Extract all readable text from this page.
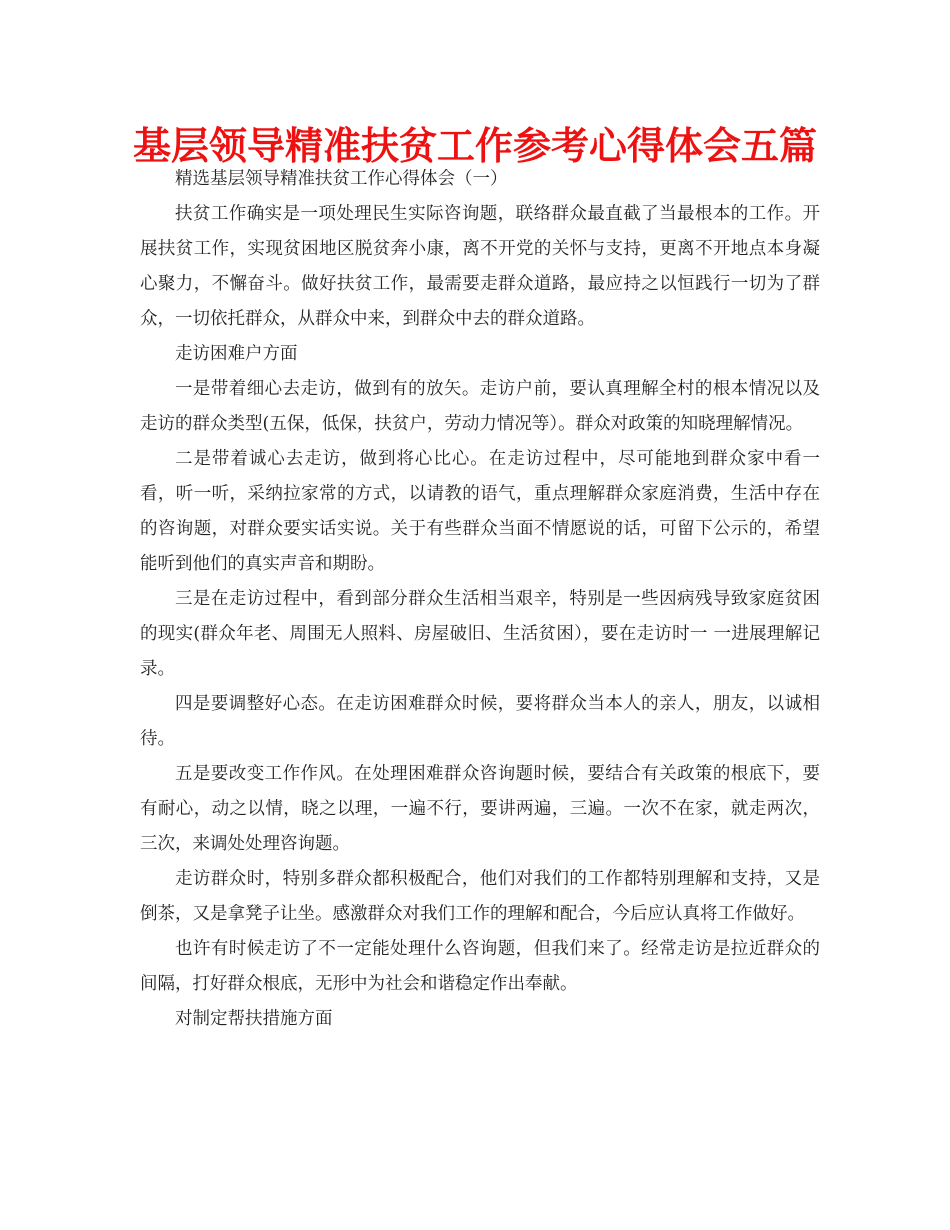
基层领导精准扶贫工作参考心得体会五篇

精选基层领导精准扶贫工作心得体会（一）

扶贫工作确实是一项处理民生实际咨询题，联络群众最直截了当最根本的工作。开展扶贫工作，实现贫困地区脱贫奔小康，离不开党的关怀与支持，更离不开地点本身凝心聚力，不懈奋斗。做好扶贫工作，最需要走群众道路，最应持之以恒践行一切为了群众，一切依托群众，从群众中来，到群众中去的群众道路。

走访困难户方面

一是带着细心去走访，做到有的放矢。走访户前，要认真理解全村的根本情况以及走访的群众类型(五保，低保，扶贫户，劳动力情况等）。群众对政策的知晓理解情况。

二是带着诚心去走访，做到将心比心。在走访过程中，尽可能地到群众家中看一看，听一听，采纳拉家常的方式，以请教的语气，重点理解群众家庭消费，生活中存在的咨询题，对群众要实话实说。关于有些群众当面不情愿说的话，可留下公示的，希望能听到他们的真实声音和期盼。

三是在走访过程中，看到部分群众生活相当艰辛，特别是一些因病残导致家庭贫困的现实(群众年老、周围无人照料、房屋破旧、生活贫困），要在走访时一 一进展理解记录。

四是要调整好心态。在走访困难群众时候，要将群众当本人的亲人，朋友，以诚相待。

五是要改变工作作风。在处理困难群众咨询题时候，要结合有关政策的根底下，要有耐心，动之以情，晓之以理，一遍不行，要讲两遍，三遍。一次不在家，就走两次，三次，来调处处理咨询题。

走访群众时，特别多群众都积极配合，他们对我们的工作都特别理解和支持，又是倒茶，又是拿凳子让坐。感激群众对我们工作的理解和配合，今后应认真将工作做好。

也许有时候走访了不一定能处理什么咨询题，但我们来了。经常走访是拉近群众的间隔，打好群众根底，无形中为社会和谐稳定作出奉献。

对制定帮扶措施方面
